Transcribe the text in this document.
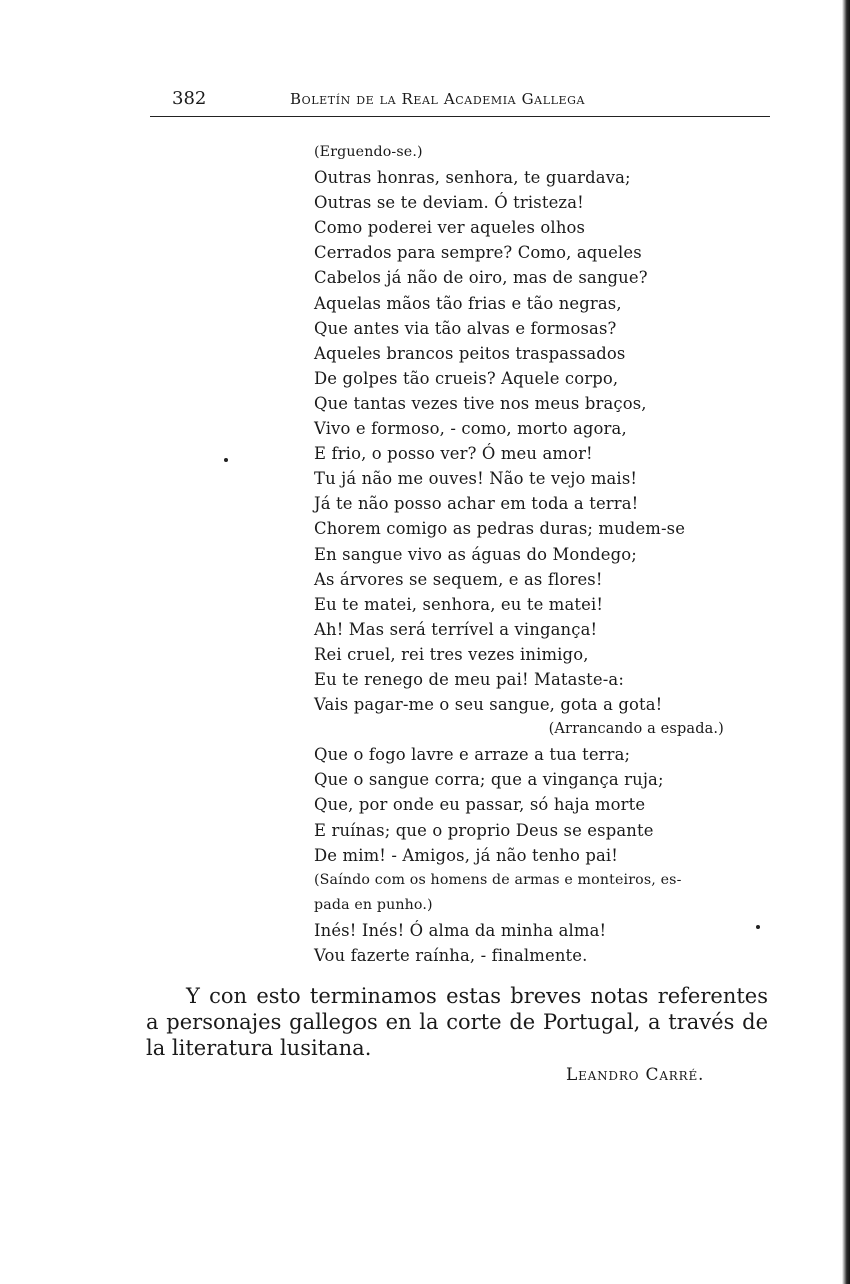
382	Boletín de la Real Academia Gallega
(Erguendo-se.)
Outras honras, senhora, te guardava;
Outras se te deviam. Ó tristeza!
Como poderei ver aqueles olhos
Cerrados para sempre? Como, aqueles
Cabelos já não de oiro, mas de sangue?
Aquelas mãos tão frias e tão negras,
Que antes via tão alvas e formosas?
Aqueles brancos peitos traspassados
De golpes tão crueis? Aquele corpo,
Que tantas vezes tive nos meus braços,
Vivo e formoso, - como, morto agora,
E frio, o posso ver? Ó meu amor!
Tu já não me ouves! Não te vejo mais!
Já te não posso achar em toda a terra!
Chorem comigo as pedras duras; mudem-se
En sangue vivo as águas do Mondego;
As árvores se sequem, e as flores!
Eu te matei, senhora, eu te matei!
Ah! Mas será terrível a vingança!
Rei cruel, rei tres vezes inimigo,
Eu te renego de meu pai! Mataste-a:
Vais pagar-me o seu sangue, gota a gota!
(Arrancando a espada.)
Que o fogo lavre e arraze a tua terra;
Que o sangue corra; que a vingança ruja;
Que, por onde eu passar, só haja morte
E ruínas; que o proprio Deus se espante
De mim! - Amigos, já não tenho pai!
(Saíndo com os homens de armas e monteiros, es-
pada en punho.)
Inés! Inés! Ó alma da minha alma!
Vou fazerte raínha, - finalmente.

Y con esto terminamos estas breves notas referentes a personajes gallegos en la corte de Portugal, a través de la literatura lusitana.

Leandro Carré.
